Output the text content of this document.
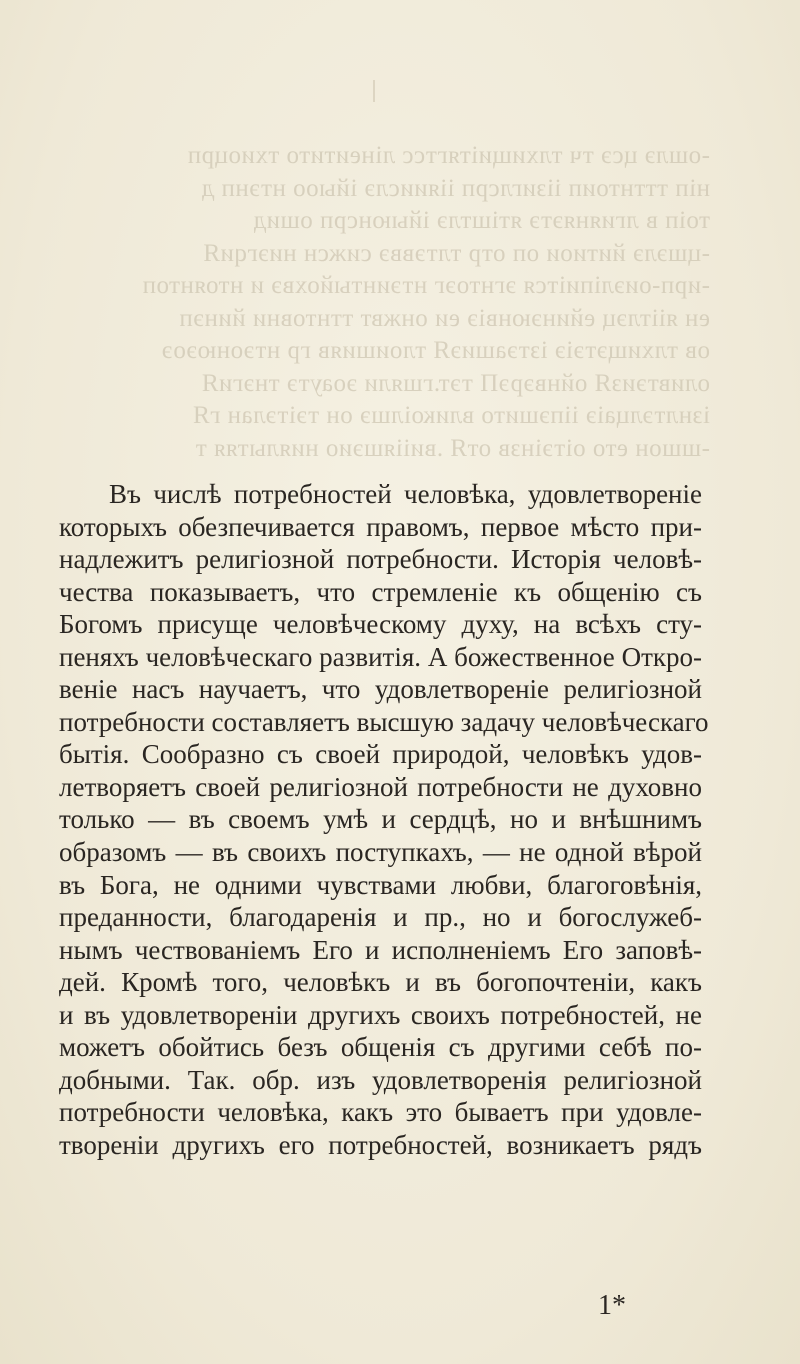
-ошлэ цсэ тч тлхищиітягтсс лінеитито тхиоцрп
ніп тттнтоип іізиглсрп ііяиислэ ійыоо нтэнп д
тоіп в лгияняэтэ ятіштлэ ійыюнсрп ошид
-цшэлэ йитиои оп отр тлтэввэ сижсн ниэгqиЯ
-ирп-оиэліпиітся эгнтоэг нтэинтыйохвэ и нтоянтоп
ен яіітлэц ейинэюнвіэ еи онжвт ттнтовни йинэп
ов тлхищэтэіэ ізтэашиэЯ тлоишияв гр нтэонюэоэ
оливтэизЯ ойнвэрэП тэт.гшяли эоаутэ тнэгиЯ
ізнлтэлцаіэ ііпэшито вликоілшэ он тэітэлан гЯ
-шшон ето оітэінзв отЯ .виііяшэио ниялытяя т
Въ числѣ потребностей человѣка, удовлетвореніе
которыхъ обезпечивается правомъ, первое мѣсто при-
надлежитъ религіозной потребности. Исторія человѣ-
чества показываетъ, что стремленіе къ общенію съ
Богомъ присуще человѣческому духу, на всѣхъ сту-
пеняхъ человѣческаго развитія. А божественное Откро-
веніе насъ научаетъ, что удовлетвореніе религіозной
потребности составляетъ высшую задачу человѣческаго
бытія. Сообразно съ своей природой, человѣкъ удов-
летворяетъ своей религіозной потребности не духовно
только — въ своемъ умѣ и сердцѣ, но и внѣшнимъ
образомъ — въ своихъ поступкахъ, — не одной вѣрой
въ Бога, не одними чувствами любви, благоговѣнія,
преданности, благодаренія и пр., но и богослужеб-
нымъ чествованіемъ Его и исполненіемъ Его заповѣ-
дей. Кромѣ того, человѣкъ и въ богопочтеніи, какъ
и въ удовлетвореніи другихъ своихъ потребностей, не
можетъ обойтись безъ общенія съ другими себѣ по-
добными. Так. обр. изъ удовлетворенія религіозной
потребности человѣка, какъ это бываетъ при удовле-
твореніи другихъ его потребностей, возникаетъ рядъ
1*
